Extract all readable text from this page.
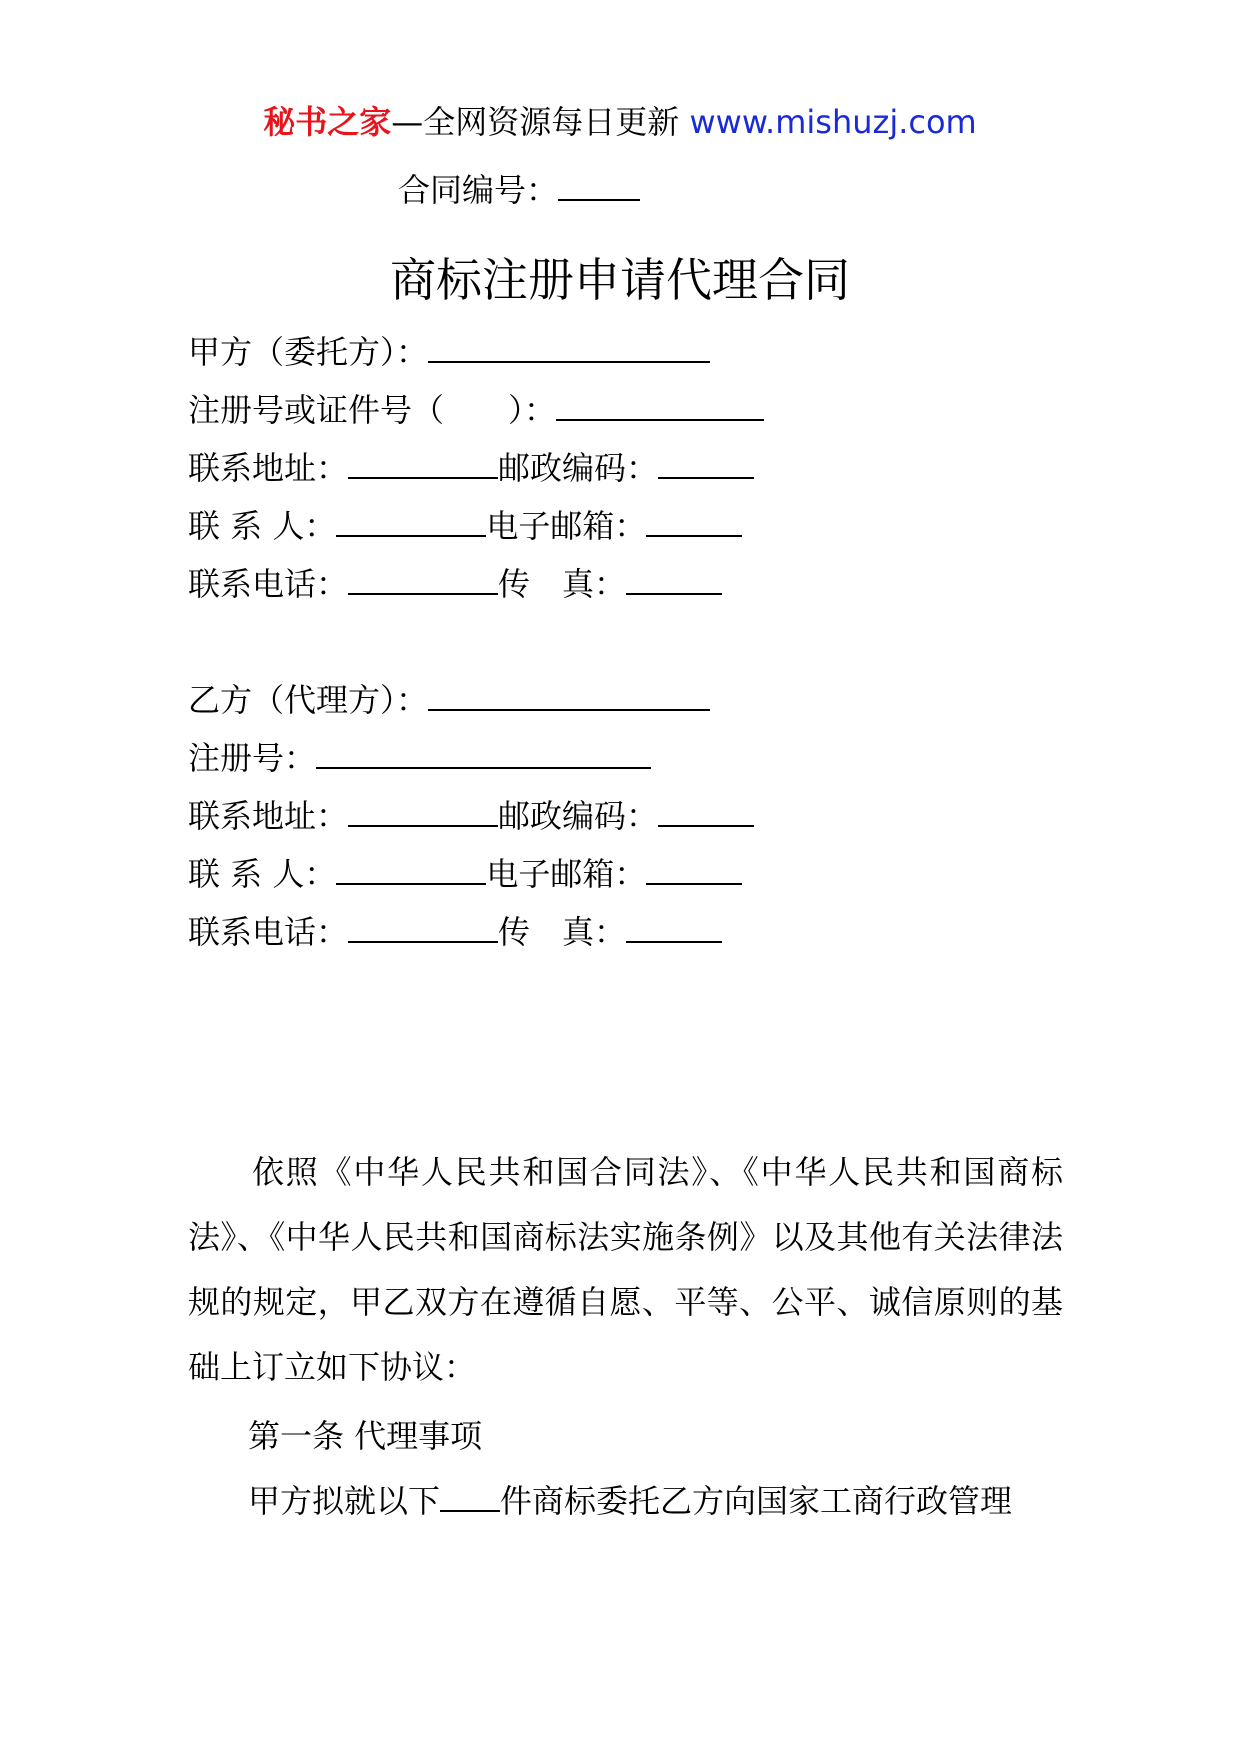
秘书之家—全网资源每日更新 www.mishuzj.com
合同编号：
商标注册申请代理合同
甲方（委托方）：
注册号或证件号（　　）：
联系地址：	邮政编码：
联 系 人：	电子邮箱：
联系电话：	传　真：
乙方（代理方）：
注册号：
联系地址：	邮政编码：
联 系 人：	电子邮箱：
联系电话：	传　真：
依照《中华人民共和国合同法》、《中华人民共和国商标法》、《中华人民共和国商标法实施条例》以及其他有关法律法规的规定，甲乙双方在遵循自愿、平等、公平、诚信原则的基础上订立如下协议：
第一条 代理事项
甲方拟就以下 件商标委托乙方向国家工商行政管理
